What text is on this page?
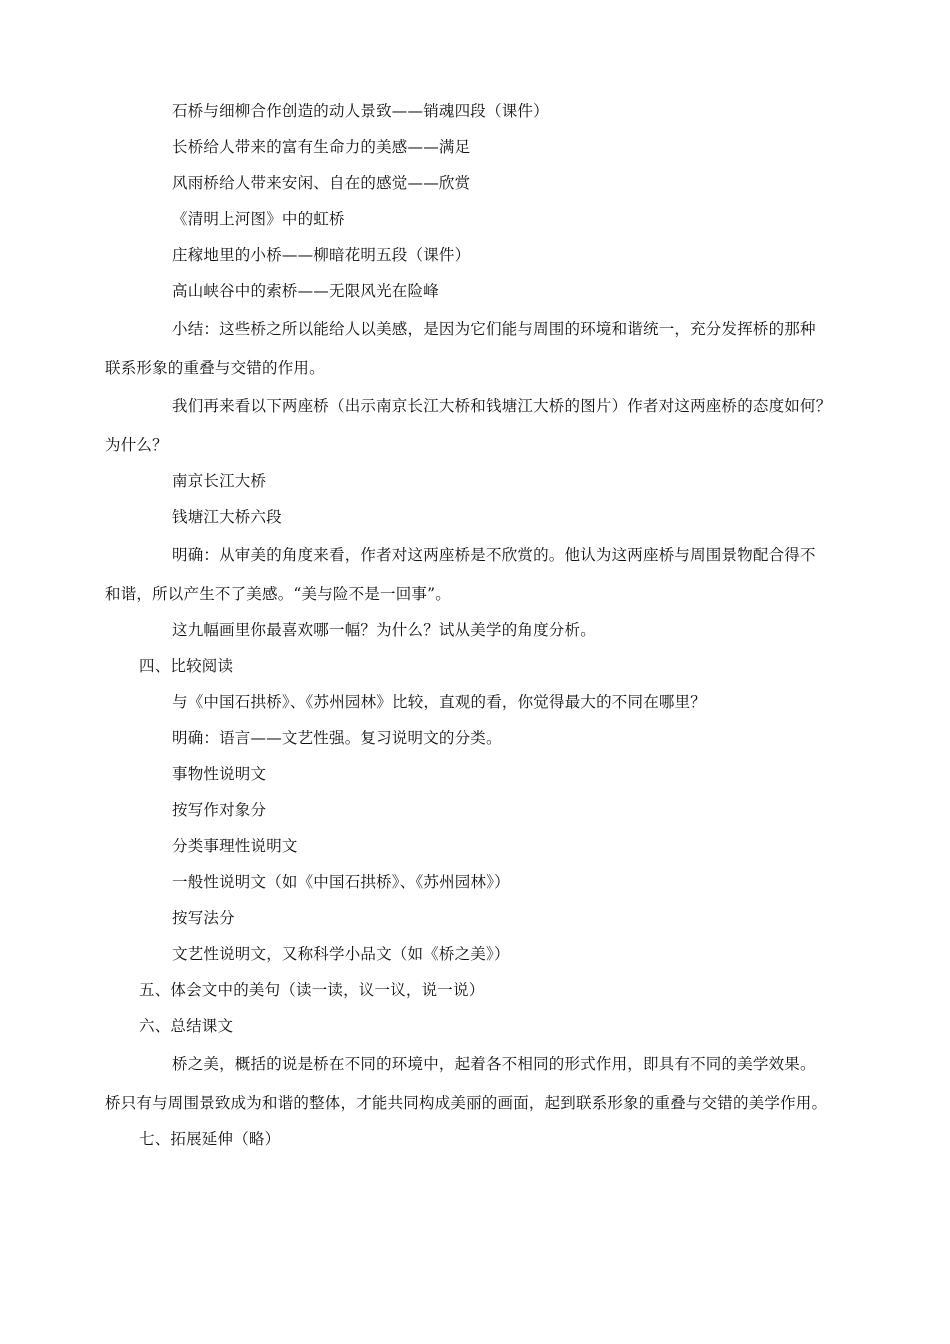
石桥与细柳合作创造的动人景致——销魂四段（课件）
长桥给人带来的富有生命力的美感——满足
风雨桥给人带来安闲、自在的感觉——欣赏
《清明上河图》中的虹桥
庄稼地里的小桥——柳暗花明五段（课件）
高山峡谷中的索桥——无限风光在险峰
小结：这些桥之所以能给人以美感，是因为它们能与周围的环境和谐统一，充分发挥桥的那种
联系形象的重叠与交错的作用。
我们再来看以下两座桥（出示南京长江大桥和钱塘江大桥的图片）作者对这两座桥的态度如何？
为什么？
南京长江大桥
钱塘江大桥六段
明确：从审美的角度来看，作者对这两座桥是不欣赏的。他认为这两座桥与周围景物配合得不
和谐，所以产生不了美感。“美与险不是一回事”。
这九幅画里你最喜欢哪一幅？为什么？试从美学的角度分析。
四、比较阅读
与《中国石拱桥》、《苏州园林》比较，直观的看，你觉得最大的不同在哪里？
明确：语言——文艺性强。复习说明文的分类。
事物性说明文
按写作对象分
分类事理性说明文
一般性说明文（如《中国石拱桥》、《苏州园林》）
按写法分
文艺性说明文，又称科学小品文（如《桥之美》）
五、体会文中的美句（读一读，议一议，说一说）
六、总结课文
桥之美，概括的说是桥在不同的环境中，起着各不相同的形式作用，即具有不同的美学效果。
桥只有与周围景致成为和谐的整体，才能共同构成美丽的画面，起到联系形象的重叠与交错的美学作用。
七、拓展延伸（略）
